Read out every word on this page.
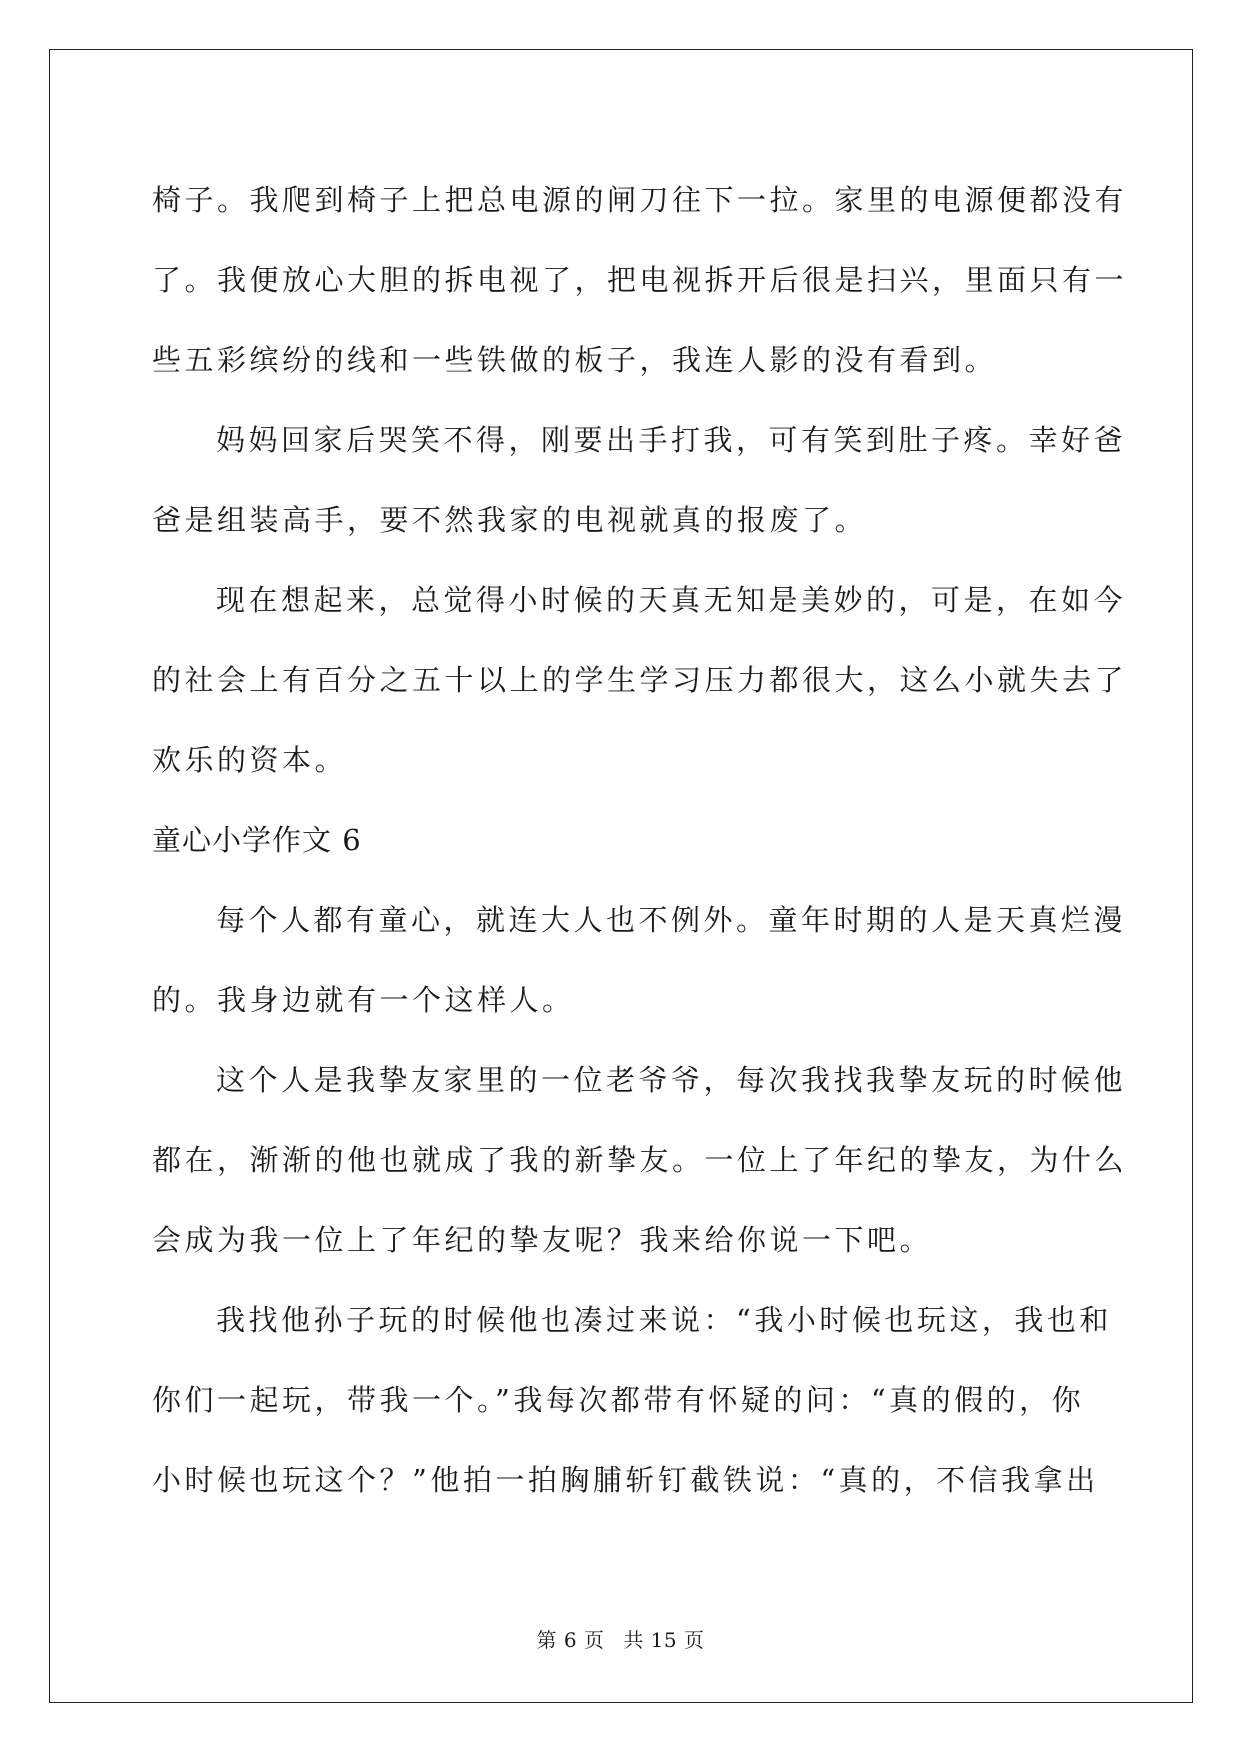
椅子。我爬到椅子上把总电源的闸刀往下一拉。家里的电源便都没有
了。我便放心大胆的拆电视了，把电视拆开后很是扫兴，里面只有一
些五彩缤纷的线和一些铁做的板子，我连人影的没有看到。
妈妈回家后哭笑不得，刚要出手打我，可有笑到肚子疼。幸好爸
爸是组装高手，要不然我家的电视就真的报废了。
现在想起来，总觉得小时候的天真无知是美妙的，可是，在如今
的社会上有百分之五十以上的学生学习压力都很大，这么小就失去了
欢乐的资本。
童心小学作文 6
每个人都有童心，就连大人也不例外。童年时期的人是天真烂漫
的。我身边就有一个这样人。
这个人是我挚友家里的一位老爷爷，每次我找我挚友玩的时候他
都在，渐渐的他也就成了我的新挚友。一位上了年纪的挚友，为什么
会成为我一位上了年纪的挚友呢？我来给你说一下吧。
我找他孙子玩的时候他也凑过来说：“我小时候也玩这，我也和
你们一起玩，带我一个。”我每次都带有怀疑的问：“真的假的，你
小时候也玩这个？”他拍一拍胸脯斩钉截铁说：“真的，不信我拿出
第 6 页 共 15 页
